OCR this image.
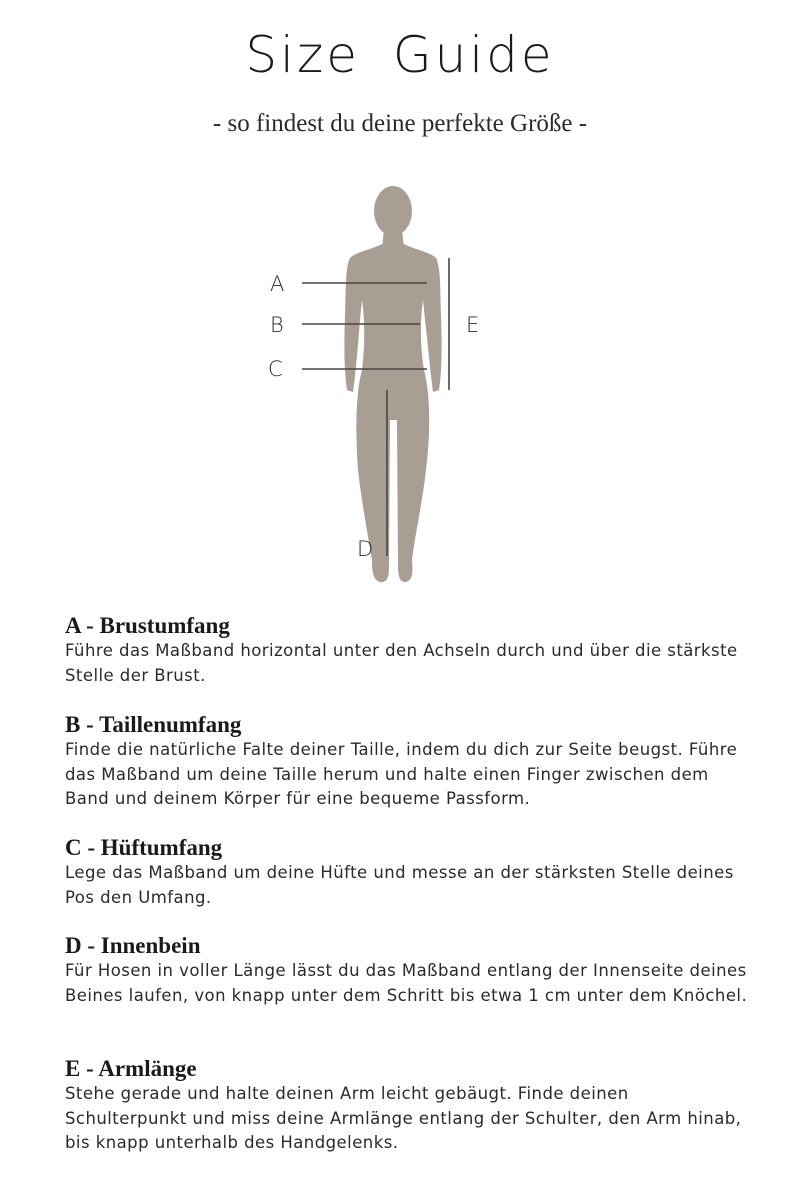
Size Guide
- so findest du deine perfekte Größe -
A
B
C
D
E
A - Brustumfang

Führe das Maßband horizontal unter den Achseln durch und über die stärkste Stelle der Brust.

B - Taillenumfang

Finde die natürliche Falte deiner Taille, indem du dich zur Seite beugst. Führe das Maßband um deine Taille herum und halte einen Finger zwischen dem Band und deinem Körper für eine bequeme Passform.

C - Hüftumfang

Lege das Maßband um deine Hüfte und messe an der stärksten Stelle deines Pos den Umfang.

D - Innenbein

Für Hosen in voller Länge lässt du das Maßband entlang der Innenseite deines Beines laufen, von knapp unter dem Schritt bis etwa 1 cm unter dem Knöchel.

E - Armlänge

Stehe gerade und halte deinen Arm leicht gebäugt. Finde deinen Schulterpunkt und miss deine Armlänge entlang der Schulter, den Arm hinab, bis knapp unterhalb des Handgelenks.
